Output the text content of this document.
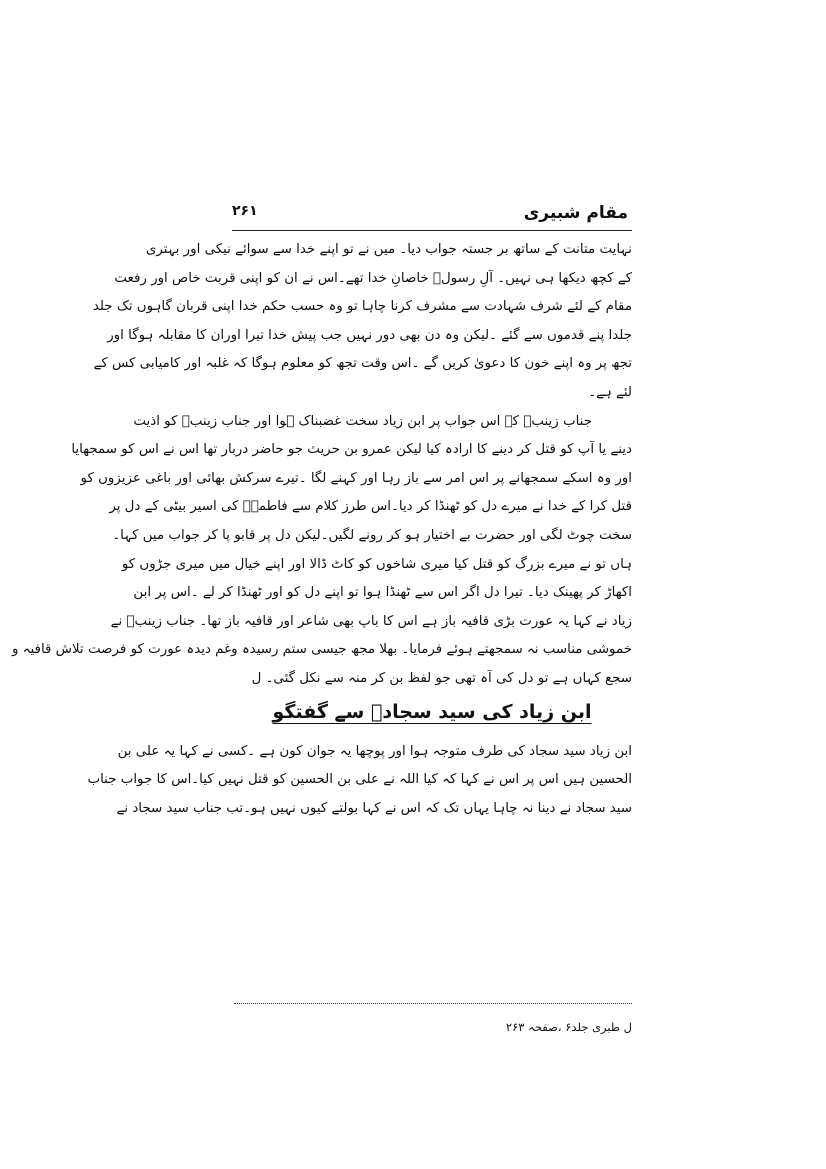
مقام شبیری
۲۶۱
نہایت متانت کے ساتھ بر جستہ جواب دیا۔ میں نے تو اپنے خدا سے سوائے نیکی اور بہتری
کے کچھ دیکھا ہی نہیں۔ آلِ رسولؐ خاصانِ خدا تھے۔اس نے ان کو اپنی قربت خاص اور رفعت
مقام کے لئے شرف شہادت سے مشرف کرنا چاہا تو وہ حسب حکم خدا اپنی قربان گاہوں تک جلد
جلدا پنے قدموں سے گئے ۔لیکن وہ دن بھی دور نہیں جب پیش خدا تیرا اوران کا مقابلہ ہوگا اور
تجھ پر وہ اپنے خون کا دعویٰ کریں گے ۔اس وقت تجھ کو معلوم ہوگا کہ غلبہ اور کامیابی کس کے
لئے ہے۔
جناب زینبؑ کے اس جواب پر ابن زیاد سخت غضبناک ہوا اور جناب زینبؑ کو اذیت
دینے یا آپ کو قتل کر دینے کا ارادہ کیا لیکن عمرو بن حریث جو حاضر دربار تھا اس نے اس کو سمجھایا
اور وہ اسکے سمجھانے پر اس امر سے باز رہا اور کہنے لگا ۔تیرے سرکش بھائی اور باغی عزیزوں کو
قتل کرا کے خدا نے میرے دل کو ٹھنڈا کر دیا۔اس طرز کلام سے فاطمہؑ کی اسیر بیٹی کے دل پر
سخت چوٹ لگی اور حضرت بے اختیار ہو کر رونے لگیں۔لیکن دل پر قابو پا کر جواب میں کہا۔
ہاں تو نے میرے بزرگ کو قتل کیا میری شاخوں کو کاٹ ڈالا اور اپنے خیال میں میری جڑوں کو
اکھاڑ کر پھینک دیا۔ تیرا دل اگر اس سے ٹھنڈا ہوا تو اپنے دل کو اور ٹھنڈا کر لے ۔اس پر ابن
زیاد نے کہا یہ عورت بڑی قافیہ باز ہے اس کا باپ بھی شاعر اور قافیہ باز تھا۔ جناب زینبؑ نے
خموشی مناسب نہ سمجھتے ہوئے فرمایا۔ بھلا مجھ جیسی ستم رسیدہ وغم دیدہ عورت کو فرصت تلاش قافیہ و
سجع کہاں ہے تو دل کی آہ تھی جو لفظ بن کر منہ سے نکل گئی۔ ل
ابن زیاد کی سید سجادؑ سے گفتگو
ابن زیاد سید سجاد کی طرف متوجہ ہوا اور پوچھا یہ جوان کون ہے ۔کسی نے کہا یہ علی بن
الحسین ہیں اس پر اس نے کہا کہ کیا اللہ نے علی بن الحسین کو قتل نہیں کیا۔اس کا جواب جناب
سید سجاد نے دینا نہ چاہا یہاں تک کہ اس نے کہا بولتے کیوں نہیں ہو۔تب جناب سید سجاد نے
ل طبری جلد۶ ،صفحہ ۲۶۳
